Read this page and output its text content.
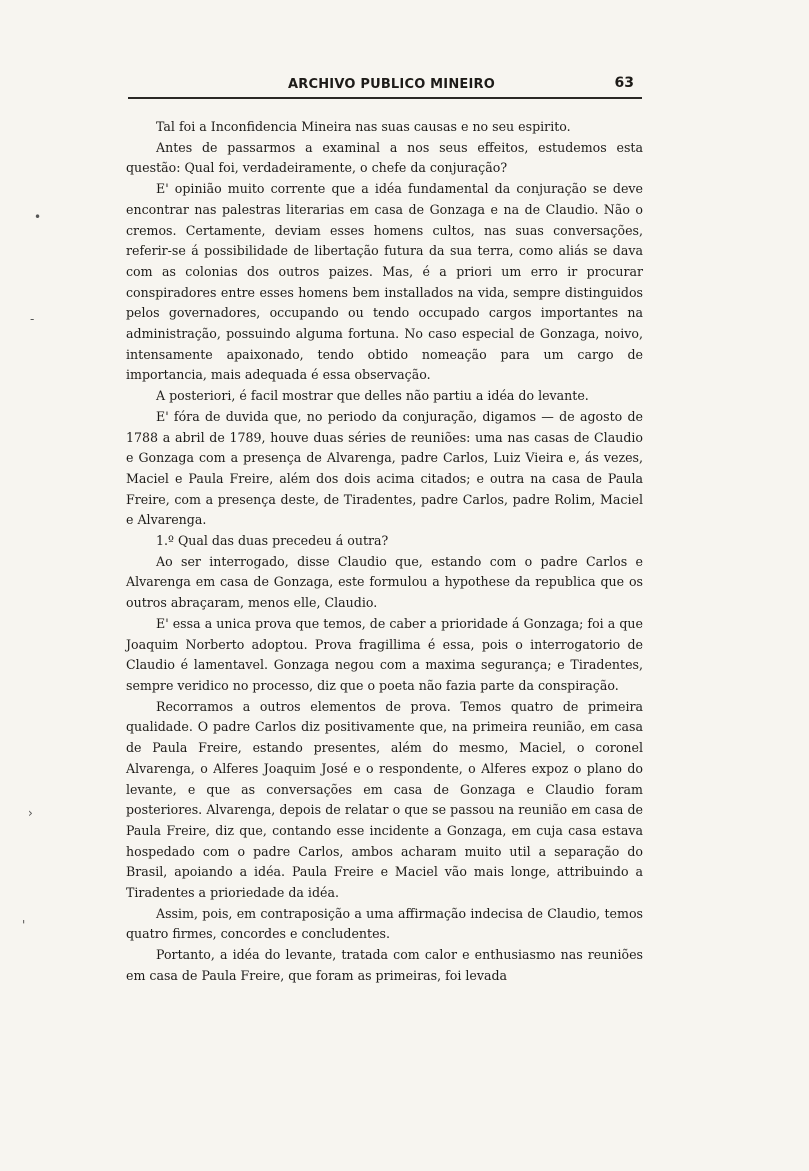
ARCHIVO PUBLICO MINEIRO	63
•
-
›
'

Tal foi a Inconfidencia Mineira nas suas causas e no seu espirito.

Antes de passarmos a examinal a nos seus effeitos, estudemos esta questão: Qual foi, verdadeiramente, o chefe da conjuração?

E' opinião muito corrente que a idéa fundamental da conjuração se deve encontrar nas palestras literarias em casa de Gonzaga e na de Claudio. Não o cremos. Certamente, deviam esses homens cultos, nas suas conversações, referir-se á possibilidade de libertação futura da sua terra, como aliás se dava com as colonias dos outros paizes. Mas, é a priori um erro ir procurar conspiradores entre esses homens bem installados na vida, sempre distinguidos pelos governadores, occupando ou tendo occupado cargos importantes na administração, possuindo alguma fortuna. No caso especial de Gonzaga, noivo, intensamente apaixonado, tendo obtido nomeação para um cargo de importancia, mais adequada é essa observação.

A posteriori, é facil mostrar que delles não partiu a idéa do levante.

E' fóra de duvida que, no periodo da conjuração, digamos — de agosto de 1788 a abril de 1789, houve duas séries de reuniões: uma nas casas de Claudio e Gonzaga com a presença de Alvarenga, padre Carlos, Luiz Vieira e, ás vezes, Maciel e Paula Freire, além dos dois acima citados; e outra na casa de Paula Freire, com a presença deste, de Tiradentes, padre Carlos, padre Rolim, Maciel e Alvarenga.

1.º Qual das duas precedeu á outra?

Ao ser interrogado, disse Claudio que, estando com o padre Carlos e Alvarenga em casa de Gonzaga, este formulou a hypothese da republica que os outros abraçaram, menos elle, Claudio.

E' essa a unica prova que temos, de caber a prioridade á Gonzaga; foi a que Joaquim Norberto adoptou. Prova fragillima é essa, pois o interrogatorio de Claudio é lamentavel. Gonzaga negou com a maxima segurança; e Tiradentes, sempre veridico no processo, diz que o poeta não fazia parte da conspiração.

Recorramos a outros elementos de prova. Temos quatro de primeira qualidade. O padre Carlos diz positivamente que, na primeira reunião, em casa de Paula Freire, estando presentes, além do mesmo, Maciel, o coronel Alvarenga, o Alferes Joaquim José e o respondente, o Alferes expoz o plano do levante, e que as conversações em casa de Gonzaga e Claudio foram posteriores. Alvarenga, depois de relatar o que se passou na reunião em casa de Paula Freire, diz que, contando esse incidente a Gonzaga, em cuja casa estava hospedado com o padre Carlos, ambos acharam muito util a separação do Brasil, apoiando a idéa. Paula Freire e Maciel vão mais longe, attribuindo a Tiradentes a prioriedade da idéa.

Assim, pois, em contraposição a uma affirmação indecisa de Claudio, temos quatro firmes, concordes e concludentes.

Portanto, a idéa do levante, tratada com calor e enthusiasmo nas reuniões em casa de Paula Freire, que foram as primeiras, foi levada
